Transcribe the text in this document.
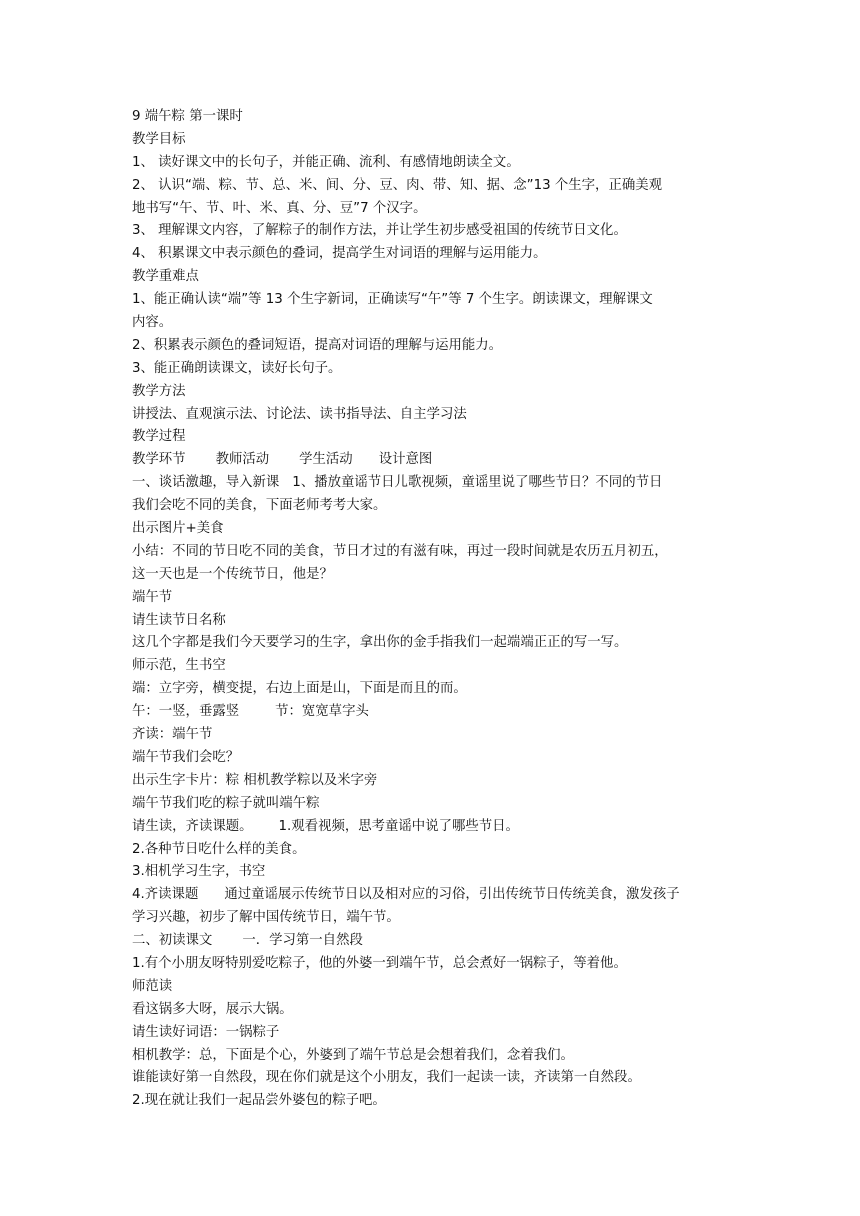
9 端午粽 第一课时
教学目标
1、 读好课文中的长句子，并能正确、流利、有感情地朗读全文。
2、 认识“端、粽、节、总、米、间、分、豆、肉、带、知、据、念”13 个生字，正确美观
地书写“午、节、叶、米、真、分、豆”7 个汉字。
3、 理解课文内容，了解粽子的制作方法，并让学生初步感受祖国的传统节日文化。
4、 积累课文中表示颜色的叠词，提高学生对词语的理解与运用能力。
教学重难点
1、能正确认读“端”等 13 个生字新词，正确读写“午”等 7 个生字。朗读课文，理解课文
内容。
2、积累表示颜色的叠词短语，提高对词语的理解与运用能力。
3、能正确朗读课文，读好长句子。
教学方法
讲授法、直观演示法、讨论法、读书指导法、自主学习法
教学过程
教学环节 教师活动 学生活动 设计意图
一、谈话激趣，导入新课 1、播放童谣节日儿歌视频，童谣里说了哪些节日？不同的节日
我们会吃不同的美食，下面老师考考大家。
出示图片+美食
小结：不同的节日吃不同的美食，节日才过的有滋有味，再过一段时间就是农历五月初五，
这一天也是一个传统节日，他是？
端午节
请生读节日名称
这几个字都是我们今天要学习的生字，拿出你的金手指我们一起端端正正的写一写。
师示范，生书空
端：立字旁，横变提，右边上面是山，下面是而且的而。
午：一竖，垂露竖	节：宽宽草字头
齐读：端午节
端午节我们会吃？
出示生字卡片：粽 相机教学粽以及米字旁
端午节我们吃的粽子就叫端午粽
请生读，齐读课题。 1.观看视频，思考童谣中说了哪些节日。
2.各种节日吃什么样的美食。
3.相机学习生字，书空
4.齐读课题 通过童谣展示传统节日以及相对应的习俗，引出传统节日传统美食，激发孩子
学习兴趣，初步了解中国传统节日，端午节。
二、初读课文 一．学习第一自然段
1.有个小朋友呀特别爱吃粽子，他的外婆一到端午节，总会煮好一锅粽子，等着他。
师范读
看这锅多大呀，展示大锅。
请生读好词语：一锅粽子
相机教学：总，下面是个心，外婆到了端午节总是会想着我们，念着我们。
谁能读好第一自然段，现在你们就是这个小朋友，我们一起读一读，齐读第一自然段。
2.现在就让我们一起品尝外婆包的粽子吧。
